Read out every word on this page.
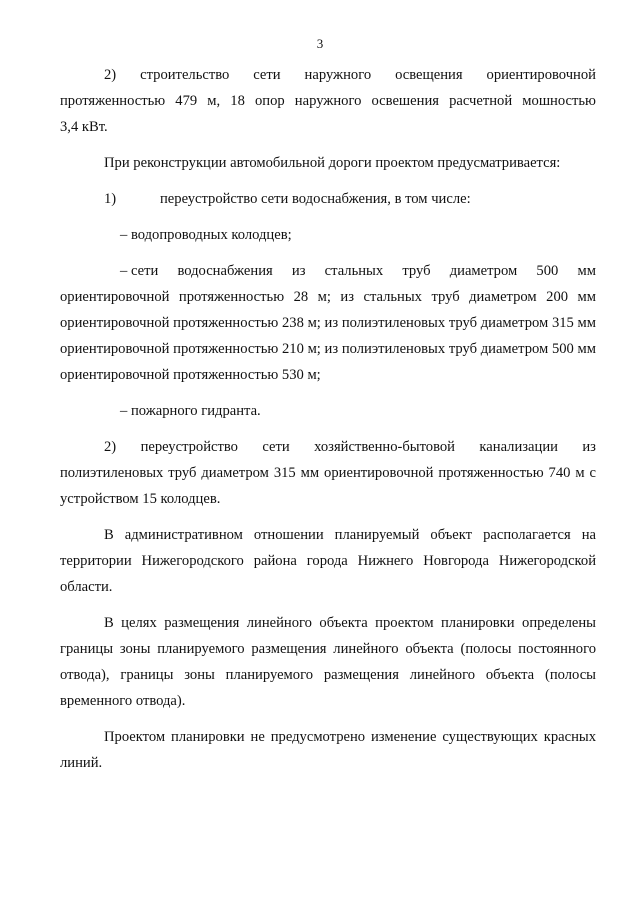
3
2) строительство сети наружного освещения ориентировочной
протяженностью 479 м, 18 опор наружного освешения расчетной мошностью

3,4 кВт.

При реконструкции автомобильной дороги проектом предусматривается:

1)	переустройство сети водоснабжения, в том числе:

– водопроводных колодцев;

– сети водоснабжения из стальных труб диаметром 500 мм

ориентировочной протяженностью 28 м; из стальных труб диаметром 200 мм ориентировочной протяженностью 238 м; из полиэтиленовых труб диаметром 315 мм ориентировочной протяженностью 210 м; из полиэтиленовых труб диаметром 500 мм ориентировочной протяженностью 530 м;

– пожарного гидранта.

2) переустройство сети хозяйственно-бытовой канализации из

полиэтиленовых труб диаметром 315 мм ориентировочной протяженностью 740 м с устройством 15 колодцев.

В административном отношении планируемый объект располагается на территории Нижегородского района города Нижнего Новгорода Нижегородской области.

В целях размещения линейного объекта проектом планировки определены границы зоны планируемого размещения линейного объекта (полосы постоянного отвода), границы зоны планируемого размещения линейного объекта (полосы временного отвода).

Проектом планировки не предусмотрено изменение существующих красных линий.
